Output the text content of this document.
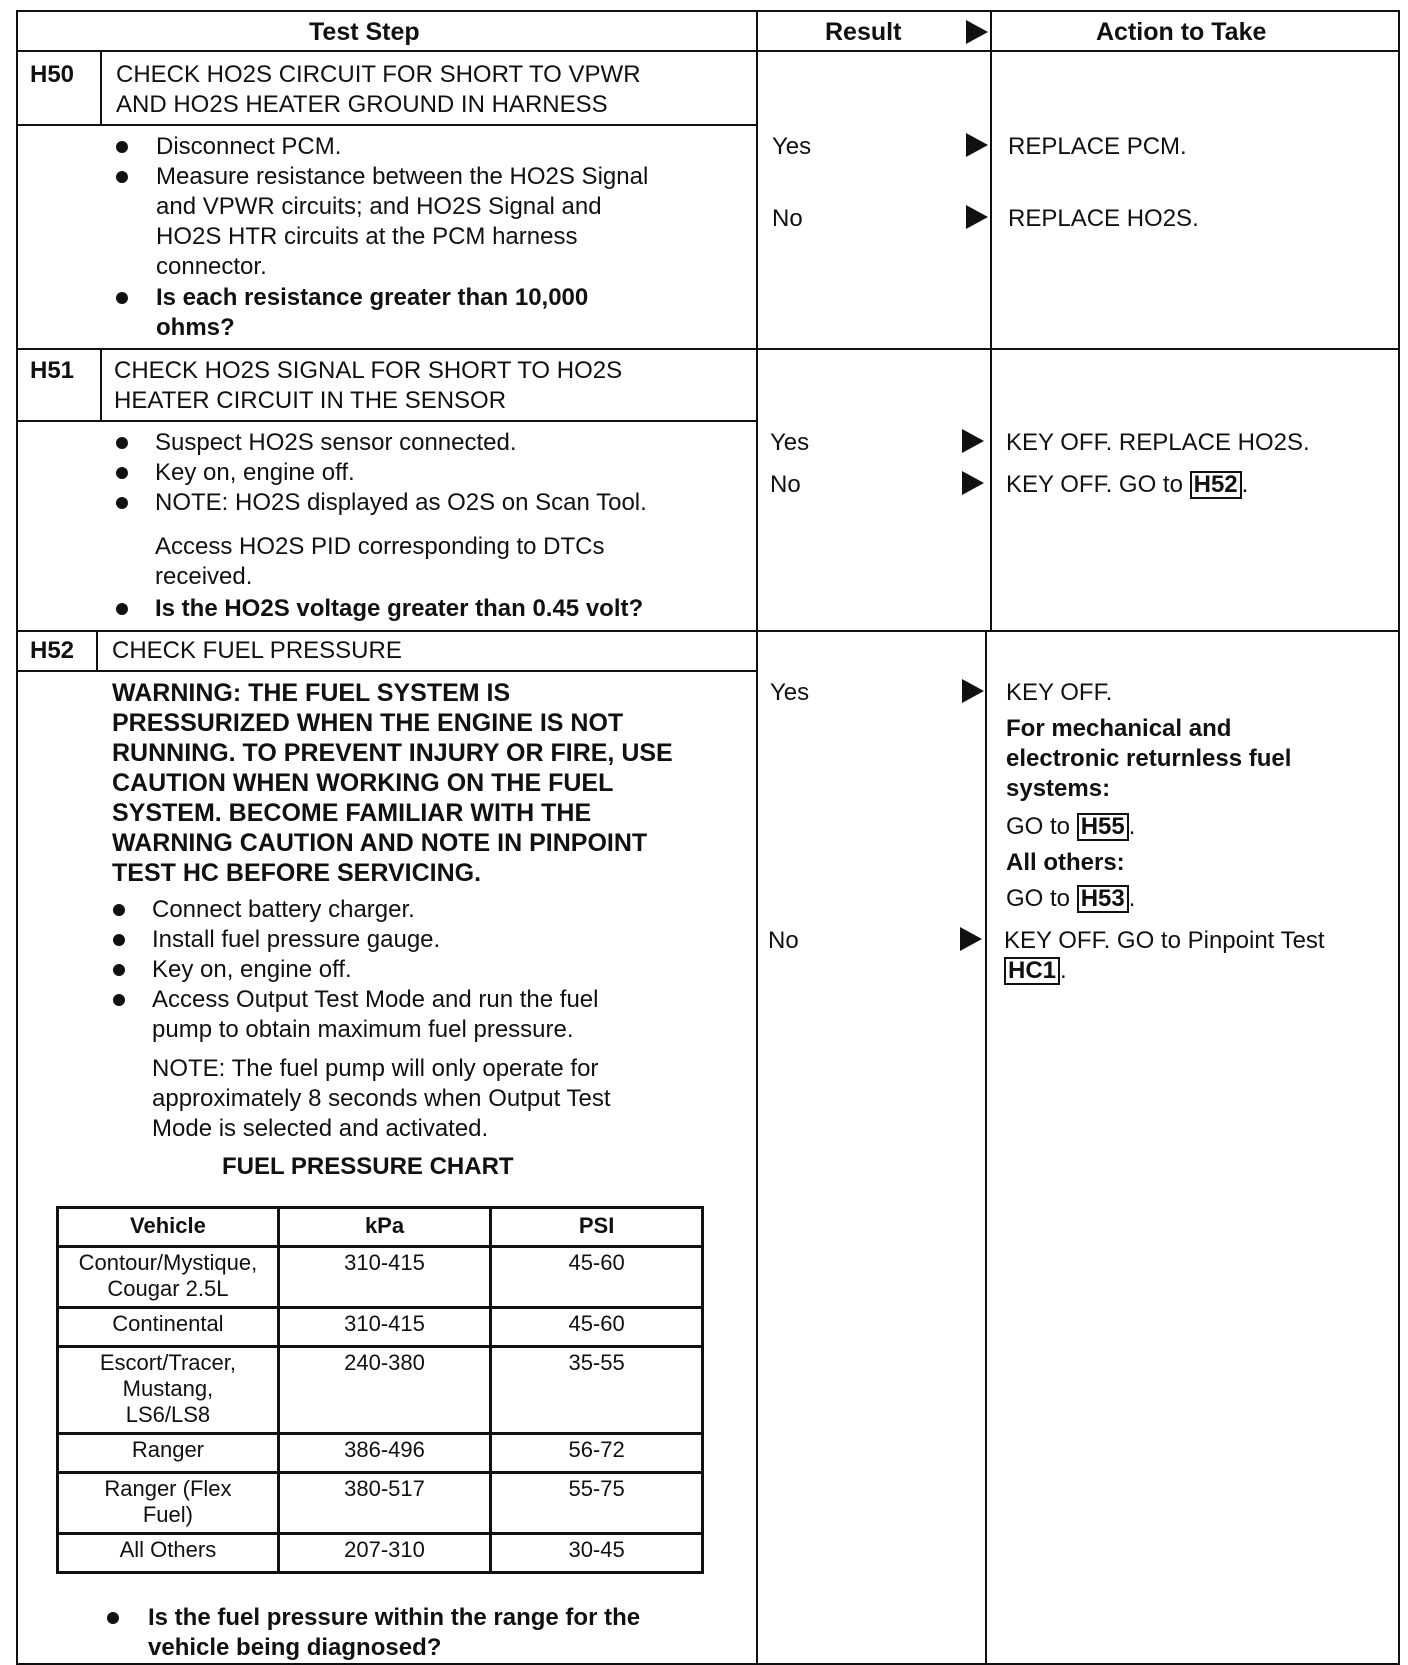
Test Step	Result	Action to Take
H50 CHECK HO2S CIRCUIT FOR SHORT TO VPWR
AND HO2S HEATER GROUND IN HARNESS
Disconnect PCM.
Measure resistance between the HO2S Signal
and VPWR circuits; and HO2S Signal and
HO2S HTR circuits at the PCM harness
connector.
Is each resistance greater than 10,000
ohms?
Yes	REPLACE PCM.
No	REPLACE HO2S.
H51 CHECK HO2S SIGNAL FOR SHORT TO HO2S
HEATER CIRCUIT IN THE SENSOR
Suspect HO2S sensor connected.
Key on, engine off.
NOTE: HO2S displayed as O2S on Scan Tool.
Access HO2S PID corresponding to DTCs
received.
Is the HO2S voltage greater than 0.45 volt?
Yes	KEY OFF. REPLACE HO2S.
No	KEY OFF. GO to H52 .
H52 CHECK FUEL PRESSURE
WARNING: THE FUEL SYSTEM IS
PRESSURIZED WHEN THE ENGINE IS NOT
RUNNING. TO PREVENT INJURY OR FIRE, USE
CAUTION WHEN WORKING ON THE FUEL
SYSTEM. BECOME FAMILIAR WITH THE
WARNING CAUTION AND NOTE IN PINPOINT
TEST HC BEFORE SERVICING.
Connect battery charger.
Install fuel pressure gauge.
Key on, engine off.
Access Output Test Mode and run the fuel
pump to obtain maximum fuel pressure.
NOTE: The fuel pump will only operate for
approximately 8 seconds when Output Test
Mode is selected and activated.
FUEL PRESSURE CHART
Vehicle	kPa	PSI

Contour/Mystique,
Cougar 2.5L	310-415	45-60

Continental	310-415	45-60

Escort/Tracer,
Mustang,
LS6/LS8	240-380	35-55

Ranger	386-496	56-72

Ranger (Flex
Fuel)	380-517	55-75

All Others	207-310	30-45
Is the fuel pressure within the range for the
vehicle being diagnosed?
Yes	KEY OFF.
For mechanical and
electronic returnless fuel
systems:
GO to H55 .
All others:
GO to H53 .
No	KEY OFF. GO to Pinpoint Test
HC1 .
